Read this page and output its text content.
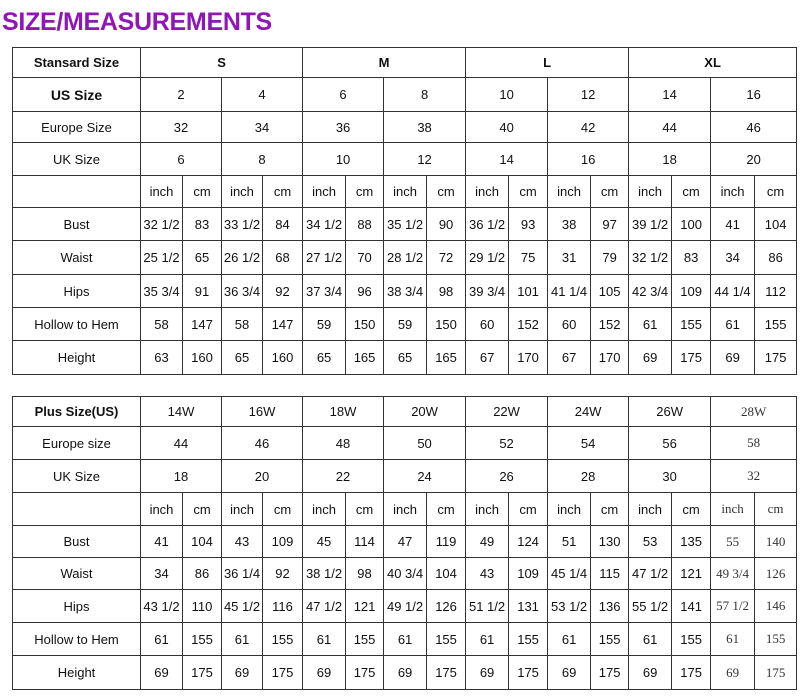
SIZE/MEASUREMENTS
Stansard Size	S				M				L				XL			
US Size	2		4		6		8		10		12		14		16	
Europe Size	32		34		36		38		40		42		44		46	
UK Size	6		8		10		12		14		16		18		20	
	inch	cm	inch	cm	inch	cm	inch	cm	inch	cm	inch	cm	inch	cm	inch	cm
Bust	32 1/2	83	33 1/2	84	34 1/2	88	35 1/2	90	36 1/2	93	38	97	39 1/2	100	41	104
Waist	25 1/2	65	26 1/2	68	27 1/2	70	28 1/2	72	29 1/2	75	31	79	32 1/2	83	34	86
Hips	35 3/4	91	36 3/4	92	37 3/4	96	38 3/4	98	39 3/4	101	41 1/4	105	42 3/4	109	44 1/4	112
Hollow to Hem	58	147	58	147	59	150	59	150	60	152	60	152	61	155	61	155
Height	63	160	65	160	65	165	65	165	67	170	67	170	69	175	69	175
Plus Size(US)	14W		16W		18W		20W		22W		24W		26W		28W	
Europe size	44		46		48		50		52		54		56		58	
UK Size	18		20		22		24		26		28		30		32	
	inch	cm	inch	cm	inch	cm	inch	cm	inch	cm	inch	cm	inch	cm	inch	cm
Bust	41	104	43	109	45	114	47	119	49	124	51	130	53	135	55	140
Waist	34	86	36 1/4	92	38 1/2	98	40 3/4	104	43	109	45 1/4	115	47 1/2	121	49 3/4	126
Hips	43 1/2	110	45 1/2	116	47 1/2	121	49 1/2	126	51 1/2	131	53 1/2	136	55 1/2	141	57 1/2	146
Hollow to Hem	61	155	61	155	61	155	61	155	61	155	61	155	61	155	61	155
Height	69	175	69	175	69	175	69	175	69	175	69	175	69	175	69	175
